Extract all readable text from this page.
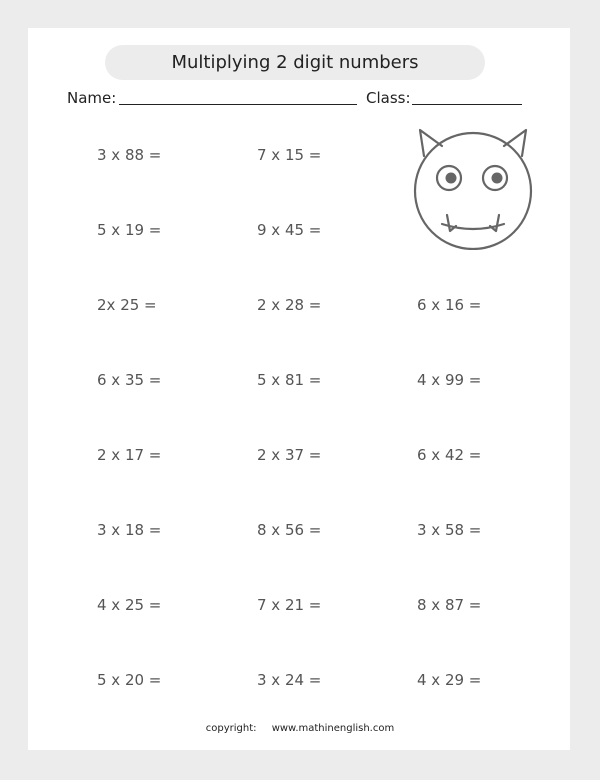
Multiplying 2 digit numbers
Name:	Class:
3 x 88 =	7 x 15 =
5 x 19 =	9 x 45 =
2x 25 =	2 x 28 =	6 x 16 =
6 x 35 =	5 x 81 =	4 x 99 =
2 x 17 =	2 x 37 =	6 x 42 =
3 x 18 =	8 x 56 =	3 x 58 =
4 x 25 =	7 x 21 =	8 x 87 =
5 x 20 =	3 x 24 =	4 x 29 =
copyright: www.mathinenglish.com
